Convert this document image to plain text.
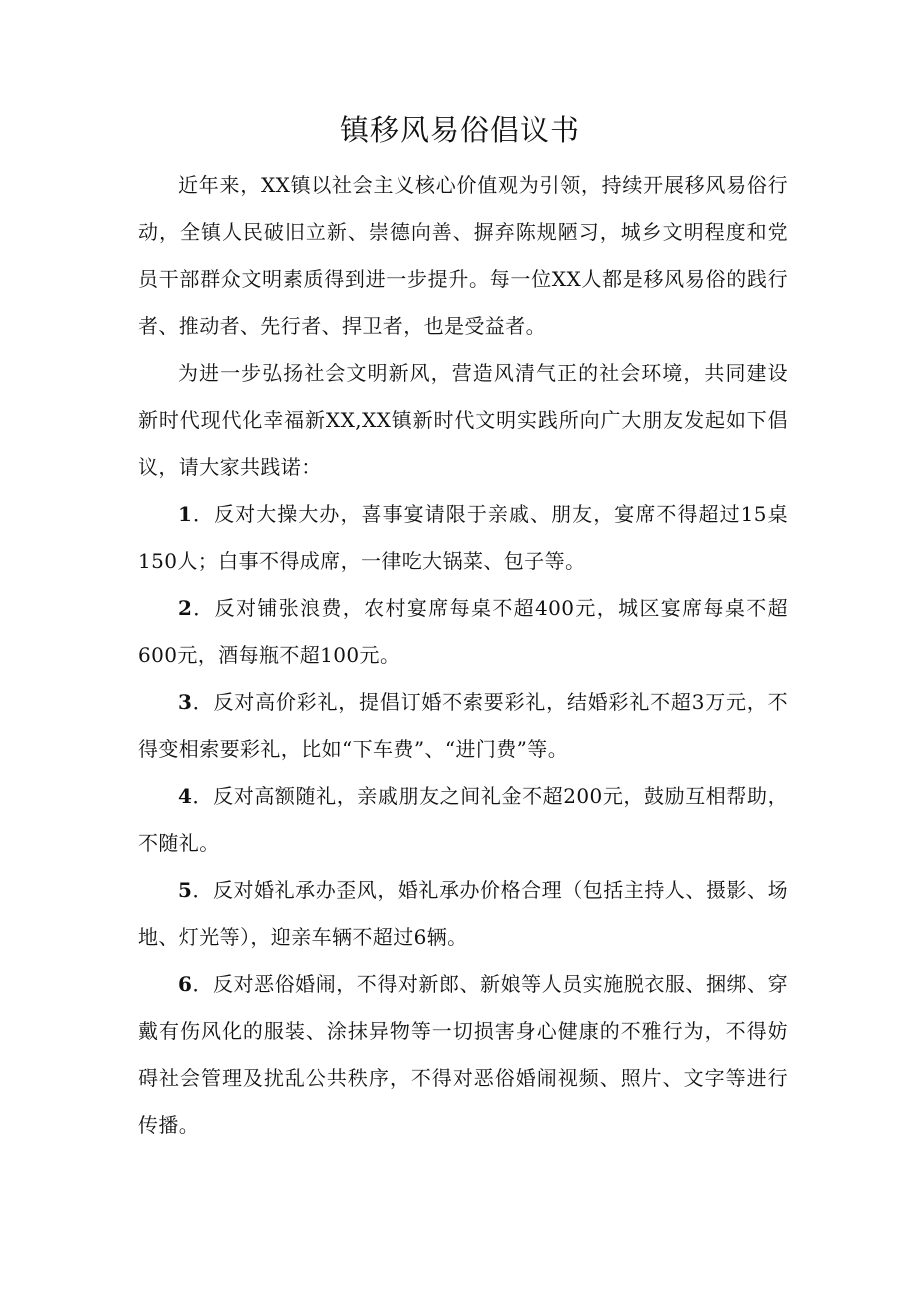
镇移风易俗倡议书

近年来，XX镇以社会主义核心价值观为引领，持续开展移风易俗行动，全镇人民破旧立新、崇德向善、摒弃陈规陋习，城乡文明程度和党员干部群众文明素质得到进一步提升。每一位XX人都是移风易俗的践行者、推动者、先行者、捍卫者，也是受益者。

为进一步弘扬社会文明新风，营造风清气正的社会环境，共同建设新时代现代化幸福新XX,XX镇新时代文明实践所向广大朋友发起如下倡议，请大家共践诺：

1．反对大操大办，喜事宴请限于亲戚、朋友，宴席不得超过15桌150人；白事不得成席，一律吃大锅菜、包子等。

2．反对铺张浪费，农村宴席每桌不超400元，城区宴席每桌不超600元，酒每瓶不超100元。

3．反对高价彩礼，提倡订婚不索要彩礼，结婚彩礼不超3万元，不得变相索要彩礼，比如“下车费”、“进门费”等。

4．反对高额随礼，亲戚朋友之间礼金不超200元，鼓励互相帮助，不随礼。

5．反对婚礼承办歪风，婚礼承办价格合理（包括主持人、摄影、场地、灯光等），迎亲车辆不超过6辆。

6．反对恶俗婚闹，不得对新郎、新娘等人员实施脱衣服、捆绑、穿戴有伤风化的服装、涂抹异物等一切损害身心健康的不雅行为，不得妨碍社会管理及扰乱公共秩序，不得对恶俗婚闹视频、照片、文字等进行传播。
